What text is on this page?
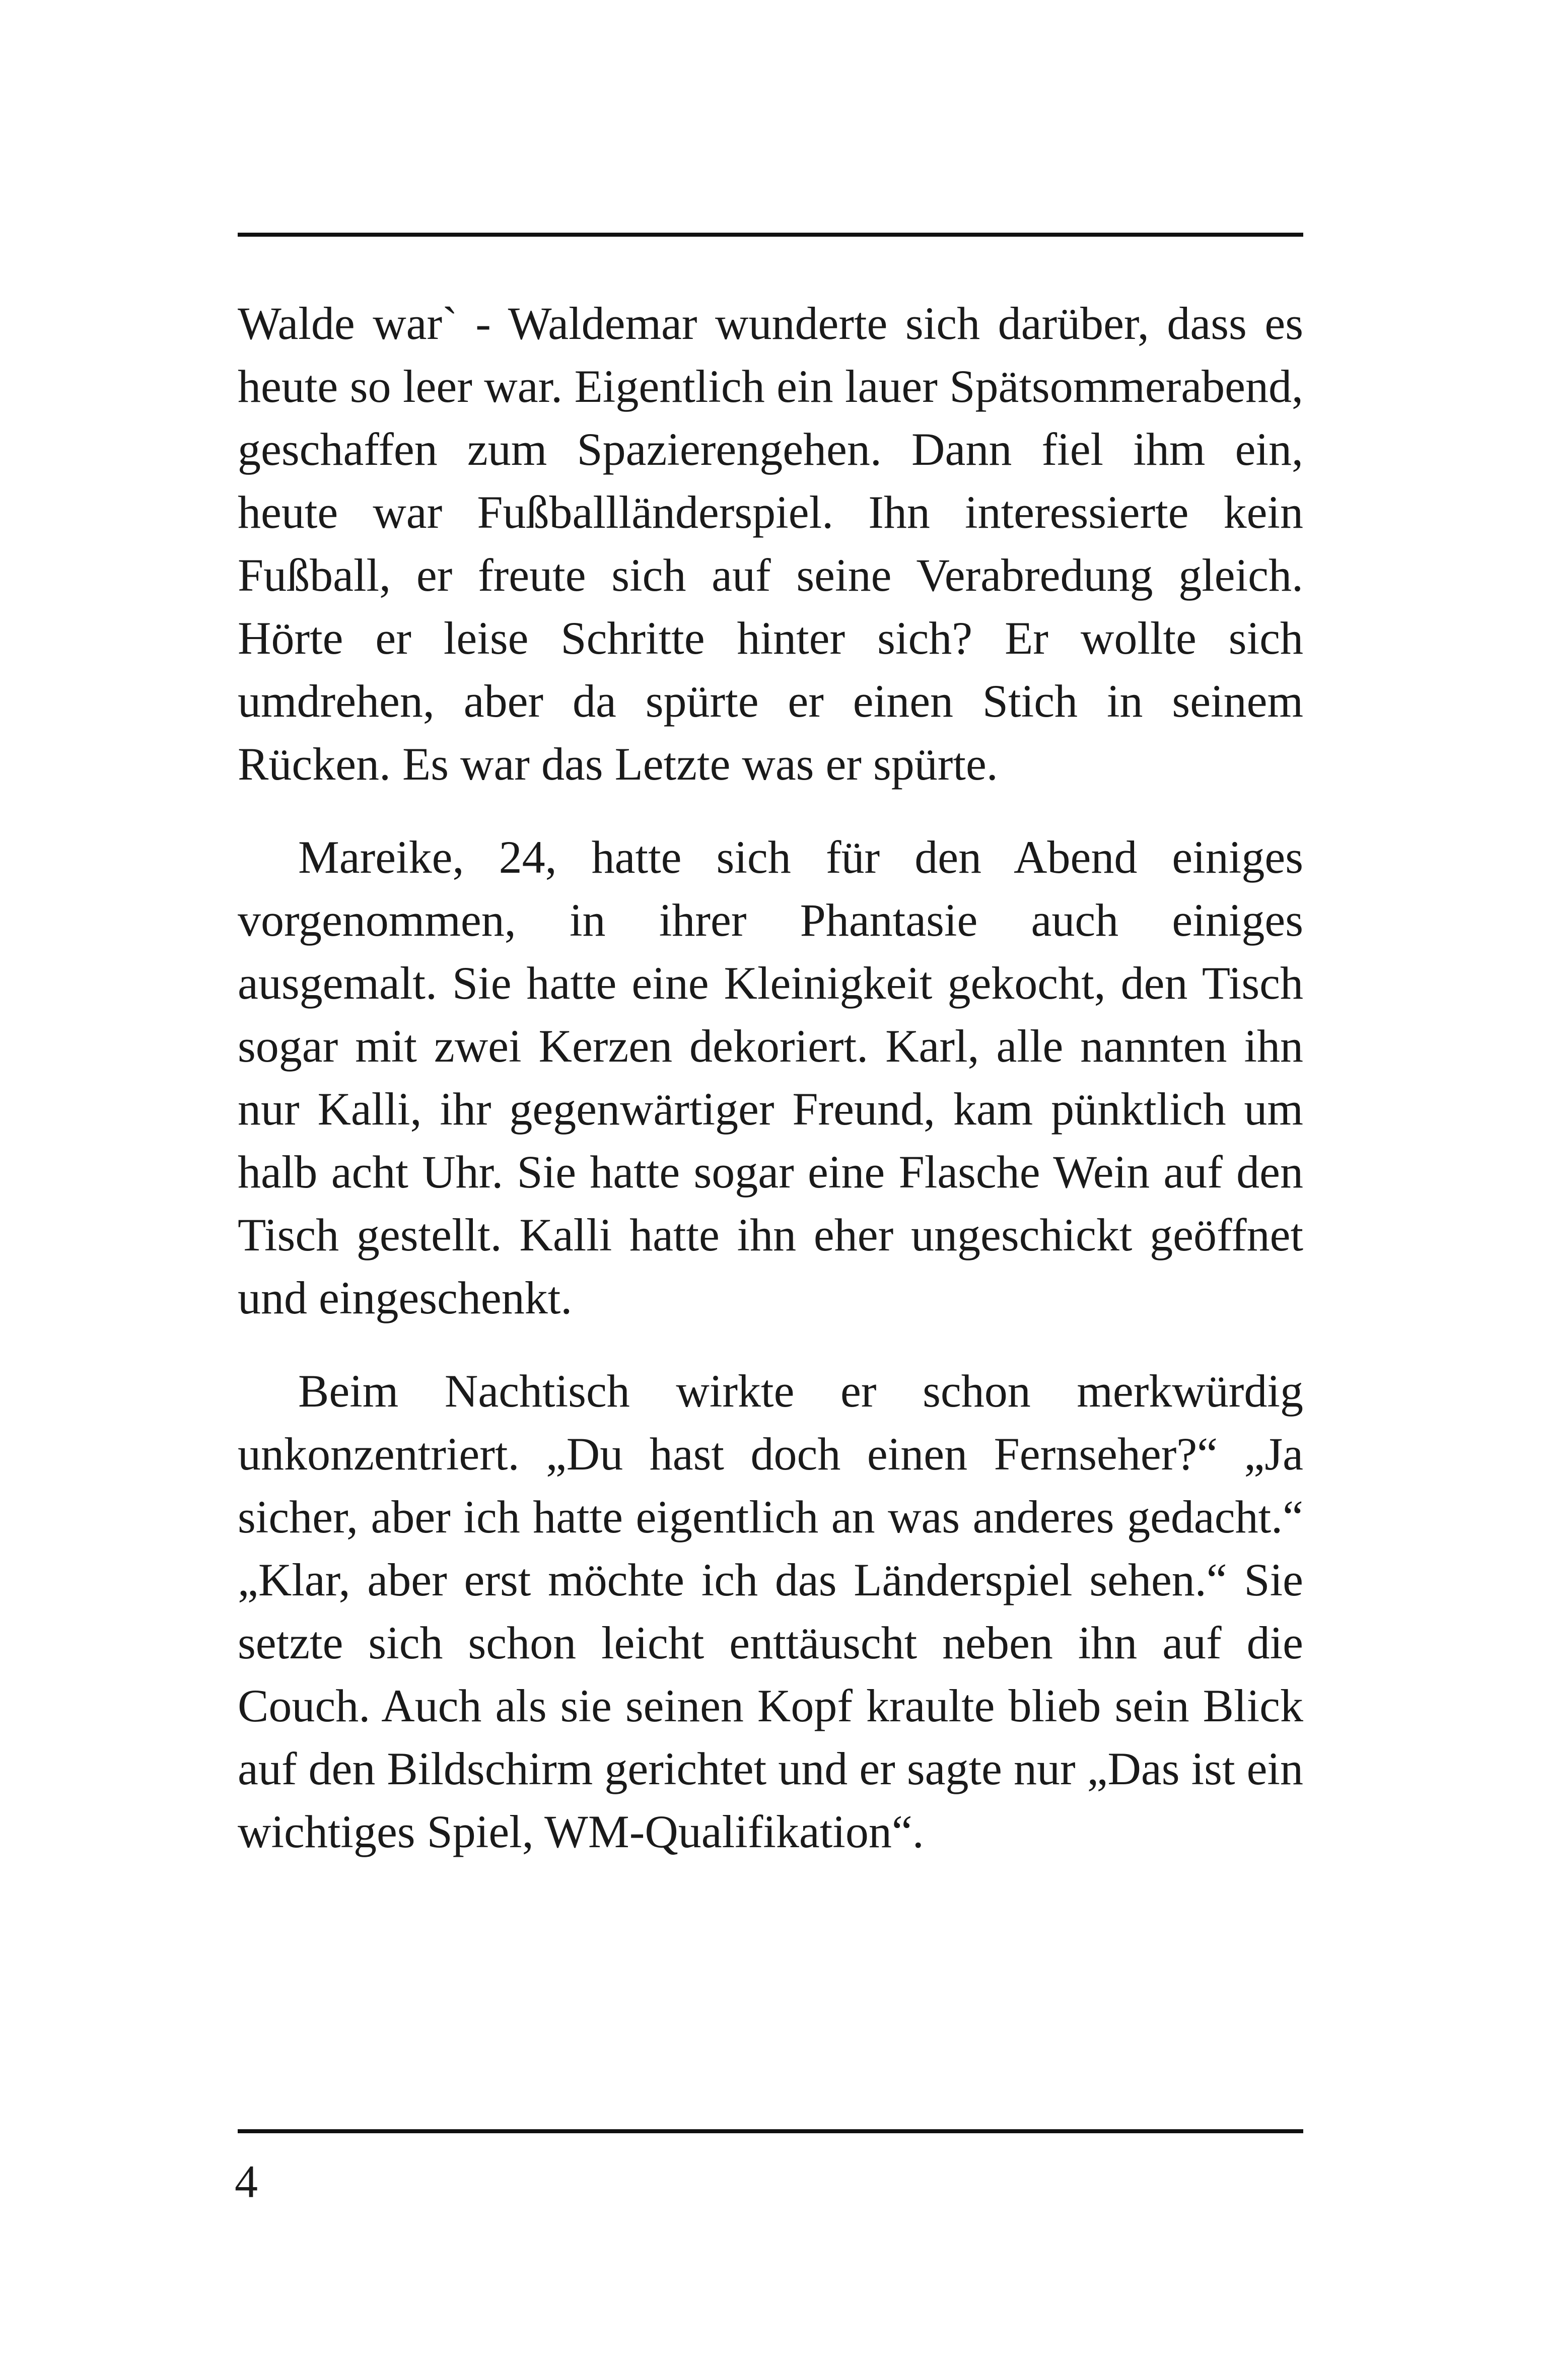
Walde war` - Waldemar wunderte sich darüber, dass es heute so leer war. Eigentlich ein lauer Spätsommerabend, geschaffen zum Spazierengehen. Dann fiel ihm ein, heute war Fußballländerspiel. Ihn interessierte kein Fußball, er freute sich auf seine Verabredung gleich. Hörte er leise Schritte hinter sich? Er wollte sich umdrehen, aber da spürte er einen Stich in seinem Rücken. Es war das Letzte was er spürte.

Mareike, 24, hatte sich für den Abend einiges vorgenommen, in ihrer Phantasie auch einiges ausgemalt. Sie hatte eine Kleinigkeit gekocht, den Tisch sogar mit zwei Kerzen dekoriert. Karl, alle nannten ihn nur Kalli, ihr gegenwärtiger Freund, kam pünktlich um halb acht Uhr. Sie hatte sogar eine Flasche Wein auf den Tisch gestellt. Kalli hatte ihn eher ungeschickt geöffnet und eingeschenkt.

Beim Nachtisch wirkte er schon merkwürdig unkonzentriert. „Du hast doch einen Fernseher?“ „Ja sicher, aber ich hatte eigentlich an was anderes gedacht.“ „Klar, aber erst möchte ich das Länderspiel sehen.“ Sie setzte sich schon leicht enttäuscht neben ihn auf die Couch. Auch als sie seinen Kopf kraulte blieb sein Blick auf den Bildschirm gerichtet und er sagte nur „Das ist ein wichtiges Spiel, WM-Qualifikation“.

4
